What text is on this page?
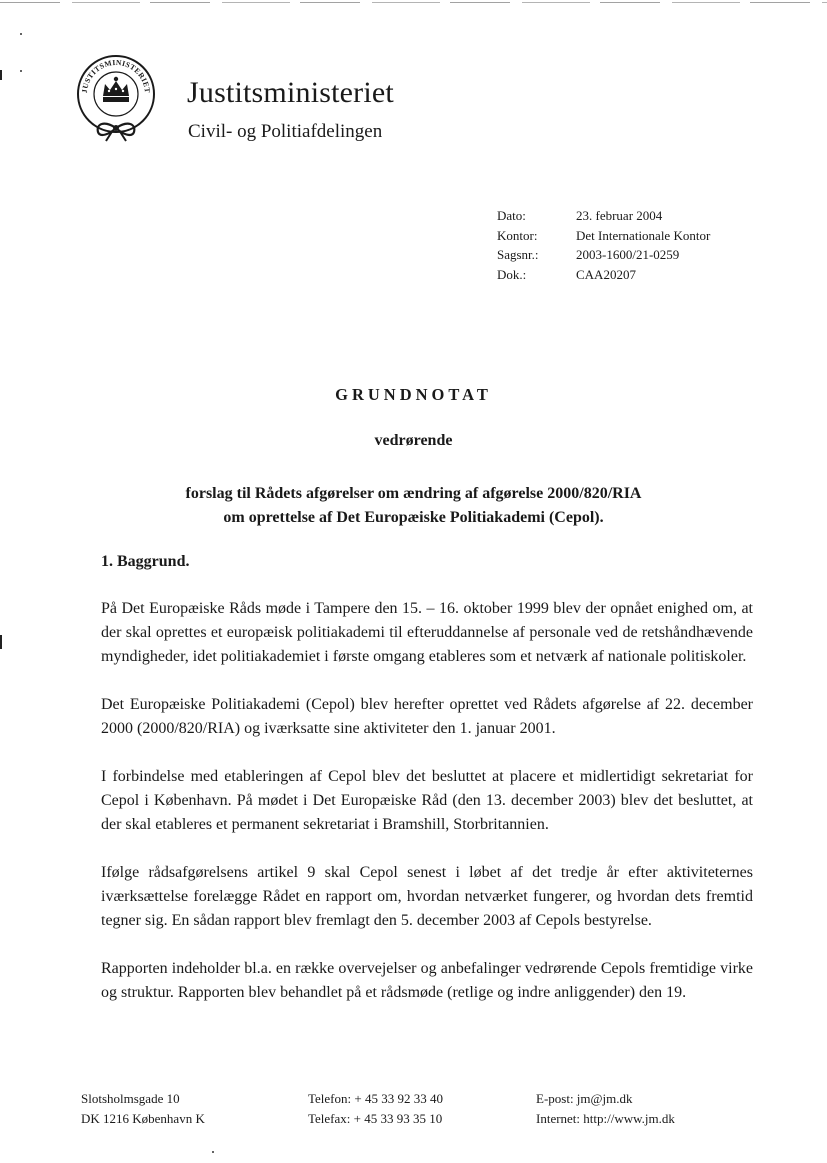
JUSTITSMINISTERIET Justitsministeriet
Civil- og Politiafdelingen
Dato:	23. februar 2004
Kontor:	Det Internationale Kontor
Sagsnr.:	2003-1600/21-0259
Dok.:	CAA20207
GRUNDNOTAT
vedrørende
forslag til Rådets afgørelser om ændring af afgørelse 2000/820/RIA
om oprettelse af Det Europæiske Politiakademi (Cepol).
1. Baggrund.

På Det Europæiske Råds møde i Tampere den 15. – 16. oktober 1999 blev der opnået enighed om, at der skal oprettes et europæisk politiakademi til efteruddannelse af personale ved de retshåndhævende myndigheder, idet politiakademiet i første omgang etableres som et netværk af nationale politiskoler.

Det Europæiske Politiakademi (Cepol) blev herefter oprettet ved Rådets afgørelse af 22. december 2000 (2000/820/RIA) og iværksatte sine aktiviteter den 1. januar 2001.

I forbindelse med etableringen af Cepol blev det besluttet at placere et midlertidigt sekretariat for Cepol i København. På mødet i Det Europæiske Råd (den 13. december 2003) blev det besluttet, at der skal etableres et permanent sekretariat i Bramshill, Storbritannien.

Ifølge rådsafgørelsens artikel 9 skal Cepol senest i løbet af det tredje år efter aktiviteternes iværksættelse forelægge Rådet en rapport om, hvordan netværket fungerer, og hvordan dets fremtid tegner sig. En sådan rapport blev fremlagt den 5. december 2003 af Cepols bestyrelse.

Rapporten indeholder bl.a. en række overvejelser og anbefalinger vedrørende Cepols fremtidige virke og struktur. Rapporten blev behandlet på et rådsmøde (retlige og indre anliggender) den 19.

Slotsholmsgade 10
DK 1216 København K
Telefon: + 45 33 92 33 40
Telefax: + 45 33 93 35 10
E-post: jm@jm.dk
Internet: http://www.jm.dk
